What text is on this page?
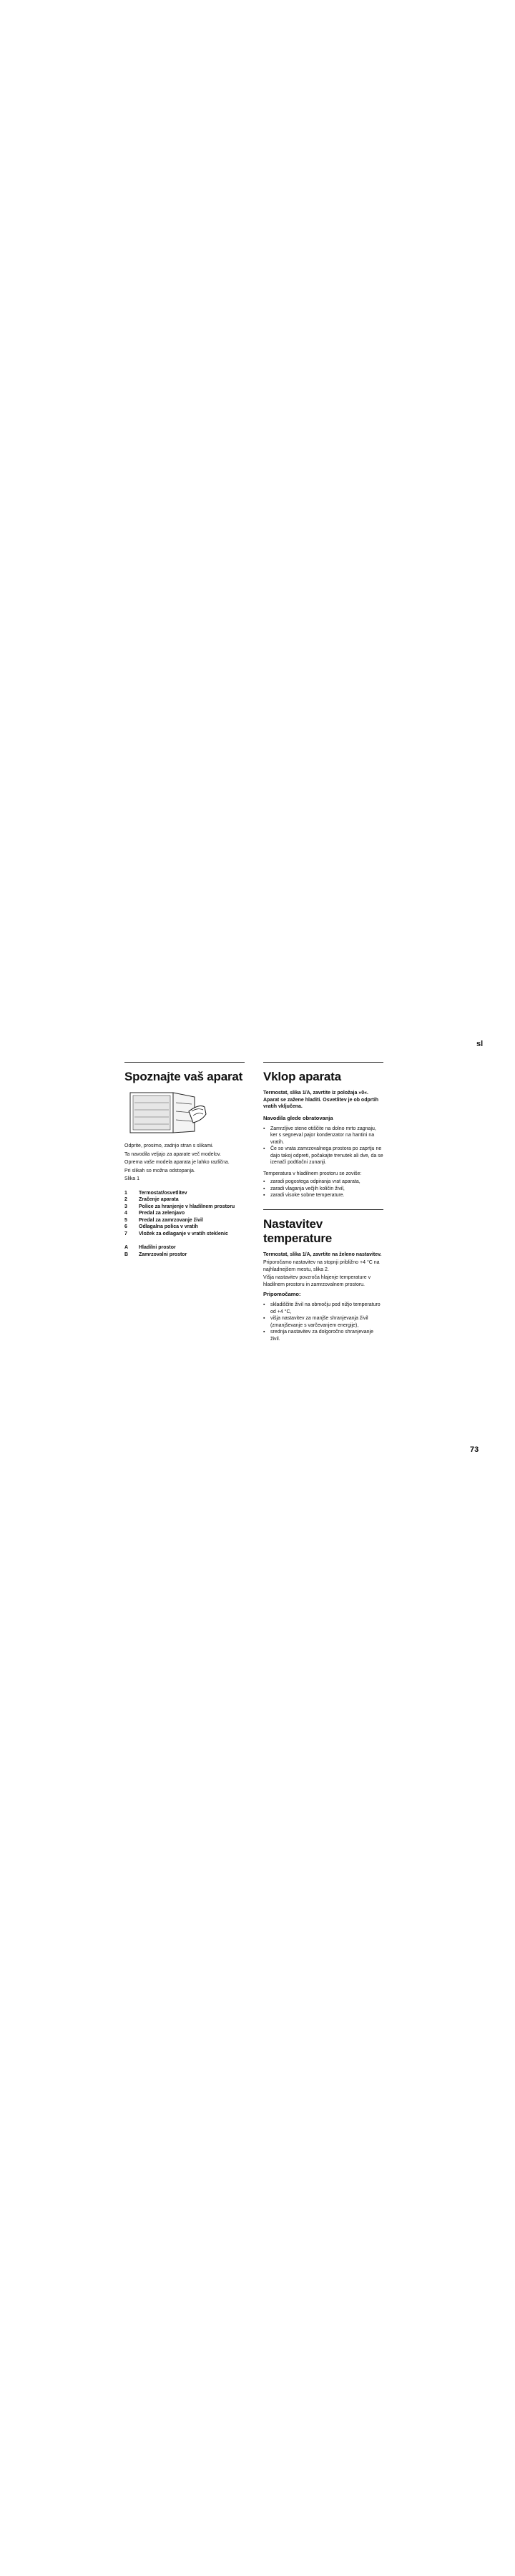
sl
Spoznajte vaš aparat

Odprite, prosimo, zadnjo stran s slikami.

Ta navodila veljajo za aparate več modelov.

Oprema vaše modela aparata je lahko različna.

Pri slikah so možna odstopanja.

Slika 1

1	Termostat/osvetlitev
2	Zračenje aparata
3	Police za hranjenje v hladilnem prostoru
4	Predal za zelenjavo
5	Predal za zamrzovanje živil
6	Odlagalna polica v vratih
7	Vložek za odlaganje v vratih steklenic
A	Hladilni prostor
B	Zamrzovalni prostor
Vklop aparata

Termostat, slika 1/A, zavrtite iz položaja »0«. Aparat se zažene hladiti. Osvetlitev je ob odprtih vratih vključena.

Navodila glede obratovanja
▪	Zamrzljive stene otiščite na dolno mrto zagnaju, ker s segneval pajor kondenzator na hantini na vratih.
▪	Če so vrata zamrzovalnega prostora po zaprtju ne dajo takoj odpreti, počakajte trenutek ali dve, da se izenačí podtlačni zunanji.

Temperatura v hladilnem prostoru se zoviše:

▪	zaradi pogostega odpiranja vrat aparata,
▪	zaradi vlaganja večjih količin živil,
▪	zaradi visoke sobne temperature.
Nastavitev temperature

Termostat, slika 1/A, zavrtite na želeno nastavitev.

Priporočamo nastavitev na stopnji približno +4 °C na najhladnejšem mestu, slika 2.

Višja nastavitev povzroča hlajenje temperature v hladilnem prostoru in zamrzovalnem prostoru.

Pripomočamo:
▪	skladiščite živil na območju pod nižjo temperaturo od +4 °C,
▪	višja nastavitev za manjše shranjevanja živil (zmanjševanje s varčevanjem energije),
▪	srednja nastavitev za dolgoročno shranjevanje živil.
73
